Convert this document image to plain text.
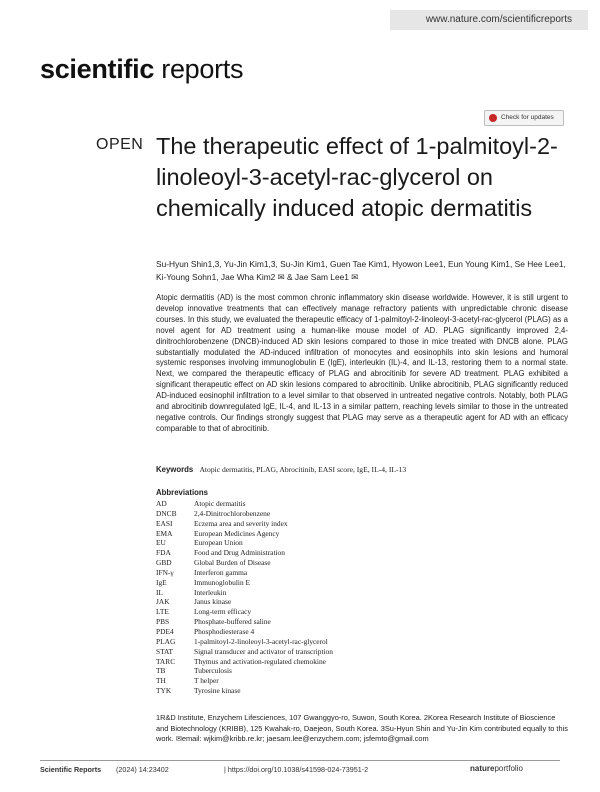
www.nature.com/scientificreports
scientific reports
Check for updates
OPEN The therapeutic effect of 1-palmitoyl-2-linoleoyl-3-acetyl-rac-glycerol on chemically induced atopic dermatitis

Su-Hyun Shin1,3, Yu-Jin Kim1,3, Su-Jin Kim1, Guen Tae Kim1, Hyowon Lee1, Eun Young Kim1, Se Hee Lee1, Ki-Young Sohn1, Jae Wha Kim2 ✉ & Jae Sam Lee1 ✉

Atopic dermatitis (AD) is the most common chronic inflammatory skin disease worldwide. However, it is still urgent to develop innovative treatments that can effectively manage refractory patients with unpredictable chronic disease courses. In this study, we evaluated the therapeutic efficacy of 1-palmitoyl-2-linoleoyl-3-acetyl-rac-glycerol (PLAG) as a novel agent for AD treatment using a human-like mouse model of AD. PLAG significantly improved 2,4-dinitrochlorobenzene (DNCB)-induced AD skin lesions compared to those in mice treated with DNCB alone. PLAG substantially modulated the AD-induced infiltration of monocytes and eosinophils into skin lesions and humoral systemic responses involving immunoglobulin E (IgE), interleukin (IL)-4, and IL-13, restoring them to a normal state. Next, we compared the therapeutic efficacy of PLAG and abrocitinib for severe AD treatment. PLAG exhibited a significant therapeutic effect on AD skin lesions compared to abrocitinib. Unlike abrocitinib, PLAG significantly reduced AD-induced eosinophil infiltration to a level similar to that observed in untreated negative controls. Notably, both PLAG and abrocitinib downregulated IgE, IL-4, and IL-13 in a similar pattern, reaching levels similar to those in the untreated negative controls. Our findings strongly suggest that PLAG may serve as a therapeutic agent for AD with an efficacy comparable to that of abrocitinib.

Keywords Atopic dermatitis, PLAG, Abrocitinib, EASI score, IgE, IL-4, IL-13

Abbreviations
AD	Atopic dermatitis
DNCB	2,4-Dinitrochlorobenzene
EASI	Eczema area and severity index
EMA	European Medicines Agency
EU	European Union
FDA	Food and Drug Administration
GBD	Global Burden of Disease
IFN-γ	Interferon gamma
IgE	Immunoglobulin E
IL	Interleukin
JAK	Janus kinase
LTE	Long-term efficacy
PBS	Phosphate-buffered saline
PDE4	Phosphodiesterase 4
PLAG	1-palmitoyl-2-linoleoyl-3-acetyl-rac-glycerol
STAT	Signal transducer and activator of transcription
TARC	Thymus and activation-regulated chemokine
TB	Tuberculosis
TH	T helper
TYK	Tyrosine kinase

1R&D Institute, Enzychem Lifesciences, 107 Gwanggyo-ro, Suwon, South Korea. 2Korea Research Institute of Bioscience and Biotechnology (KRIBB), 125 Kwahak-ro, Daejeon, South Korea. 3Su-Hyun Shin and Yu-Jin Kim contributed equally to this work. ✉email: wjkim@kribb.re.kr; jaesam.lee@enzychem.com; jsfemto@gmail.com

Scientific Reports (2024) 14:23402	| https://doi.org/10.1038/s41598-024-73951-2	natureportfolio
